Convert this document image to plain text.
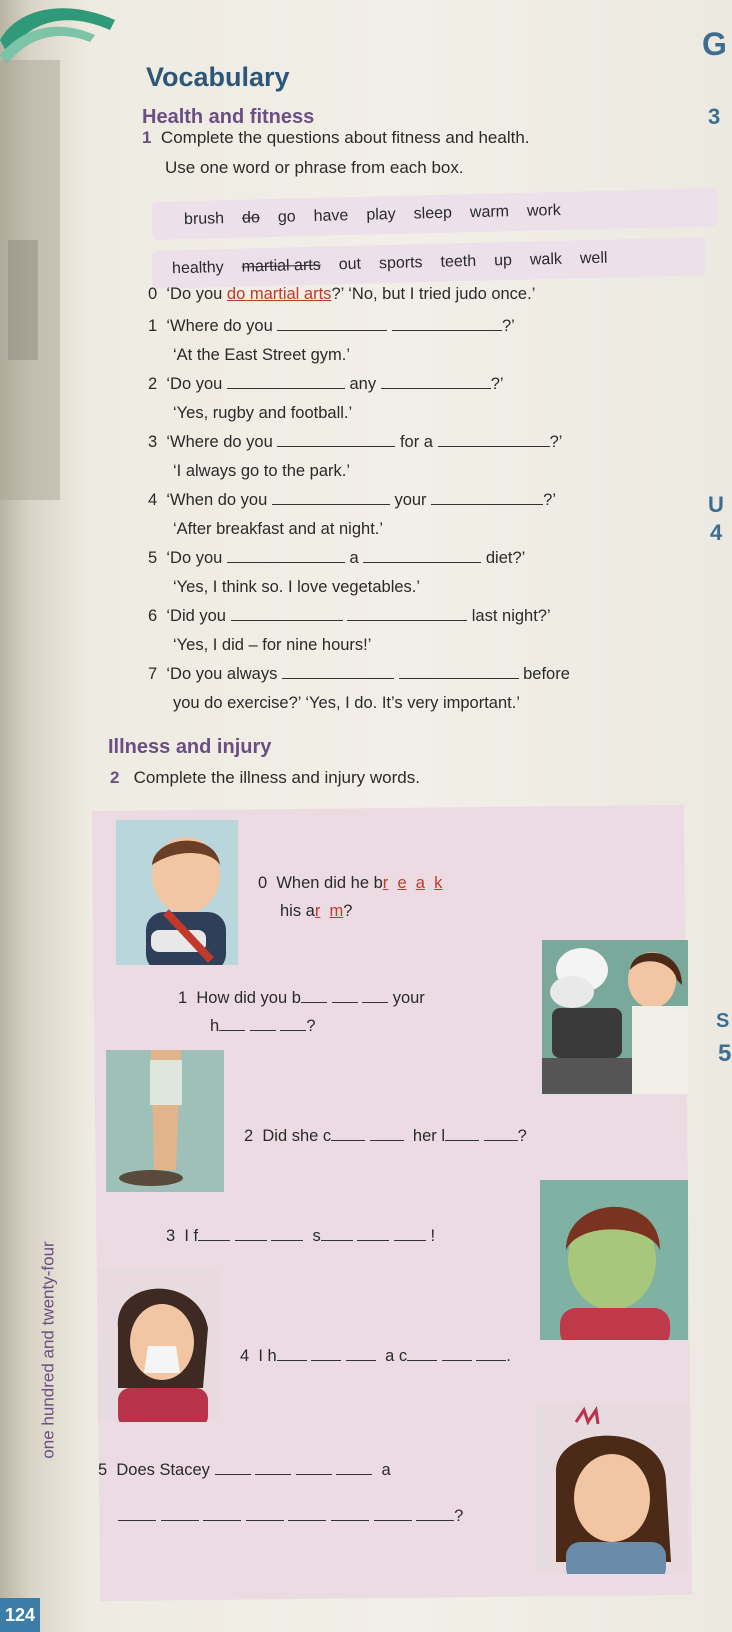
G
3
U
4
S
5
Vocabulary
Health and fitness
1 Complete the questions about fitness and health.
Use one word or phrase from each box.
brush do go have play sleep warm work
healthy martial arts out sports teeth up walk well
0 ‘Do you do martial arts?’ ‘No, but I tried judo once.’
1 ‘Where do you	?’
‘At the East Street gym.’
2 ‘Do you	any	?’
‘Yes, rugby and football.’
3 ‘Where do you	for a	?’
‘I always go to the park.’
4 ‘When do you	your	?’
‘After breakfast and at night.’
5 ‘Do you	a	diet?’
‘Yes, I think so. I love vegetables.’
6 ‘Did you	last night?’
‘Yes, I did – for nine hours!’
7 ‘Do you always	before
you do exercise?’ ‘Yes, I do. It’s very important.’
Illness and injury
2 Complete the illness and injury words.
0 When did he br e a k
his ar m?
1 How did you b	your
h	?
2 Did she c	her l	?
3 I f	s	!
4 I h	a c	.
5 Does Stacey	a
?
one hundred and twenty-four
124
